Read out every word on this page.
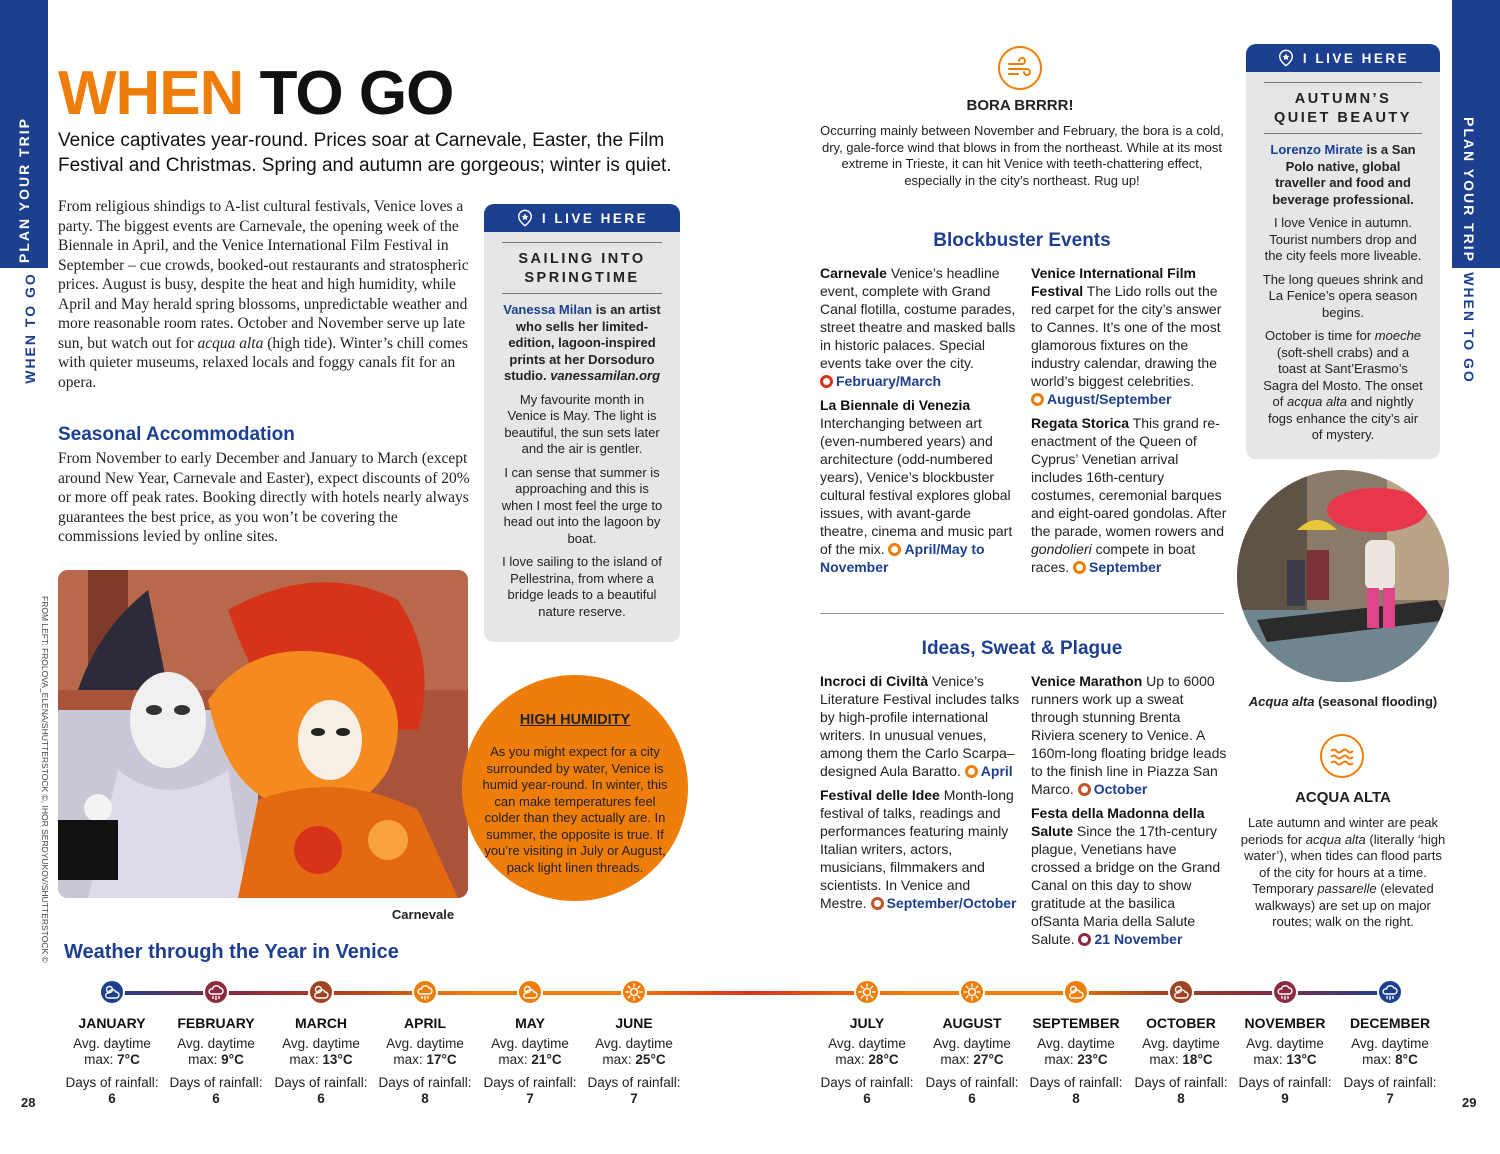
PLAN YOUR TRIP
WHEN TO GO
PLAN YOUR TRIP
WHEN TO GO
WHEN TO GO
Venice captivates year-round. Prices soar at Carnevale, Easter, the Film Festival and Christmas. Spring and autumn are gorgeous; winter is quiet.
From religious shindigs to A-list cultural festivals, Venice loves a party. The biggest events are Carnevale, the opening week of the Biennale in April, and the Venice International Film Festival in September – cue crowds, booked-out restaurants and stratospheric prices. August is busy, despite the heat and high humidity, while April and May herald spring blossoms, unpredictable weather and more reasonable room rates. October and November serve up late sun, but watch out for acqua alta (high tide). Winter’s chill comes with quieter museums, relaxed locals and foggy canals fit for an opera.
Seasonal Accommodation
From November to early December and January to March (except around New Year, Carnevale and Easter), expect discounts of 20% or more off peak rates. Booking directly with hotels nearly always guarantees the best price, as you won’t be covering the commissions levied by online sites.
I LIVE HERE
SAILING INTO SPRINGTIME
Vanessa Milan is an artist who sells her limited-edition, lagoon-inspired prints at her Dorsoduro studio. vanessamilan.org
My favourite month in Venice is May. The light is beautiful, the sun sets later and the air is gentler.
I can sense that summer is approaching and this is when I most feel the urge to head out into the lagoon by boat.
I love sailing to the island of Pellestrina, from where a bridge leads to a beautiful nature reserve.
Carnevale
FROM LEFT: FROLOVA_ELENA/SHUTTERSTOCK ©, IHOR SERDYUKOV/SHUTTERSTOCK ©	HIGH HUMIDITY
As you might expect for a city surrounded by water, Venice is humid year-round. In winter, this can make temperatures feel colder than they actually are. In summer, the opposite is true. If you’re visiting in July or August, pack light linen threads.
BORA BRRRR!
Occurring mainly between November and February, the bora is a cold, dry, gale-force wind that blows in from the northeast. While at its most extreme in Trieste, it can hit Venice with teeth-chattering effect, especially in the city’s northeast. Rug up!
Blockbuster Events

Carnevale Venice’s headline event, complete with Grand Canal flotilla, costume parades, street theatre and masked balls in historic palaces. Special events take over the city. February/March

La Biennale di Venezia Interchanging between art (even-numbered years) and architecture (odd-numbered years), Venice’s blockbuster cultural festival explores global issues, with avant-garde theatre, cinema and music part of the mix. April/May to November

Venice International Film Festival The Lido rolls out the red carpet for the city’s answer to Cannes. It’s one of the most glamorous fixtures on the industry calendar, drawing the world’s biggest celebrities. August/September

Regata Storica This grand re-enactment of the Queen of Cyprus’ Venetian arrival includes 16th-century costumes, ceremonial barques and eight-oared gondolas. After the parade, women rowers and gondolieri compete in boat races. September

Ideas, Sweat & Plague

Incroci di Civiltà Venice’s Literature Festival includes talks by high-profile international writers. In unusual venues, among them the Carlo Scarpa–designed Aula Baratto. April

Festival delle Idee Month-long festival of talks, readings and performances featuring mainly Italian writers, actors, musicians, filmmakers and scientists. In Venice and Mestre. September/October

Venice Marathon Up to 6000 runners work up a sweat through stunning Brenta Riviera scenery to Venice. A 160m-long floating bridge leads to the finish line in Piazza San Marco. October

Festa della Madonna della Salute Since the 17th-century plague, Venetians have crossed a bridge on the Grand Canal on this day to show gratitude at the basilica ofSanta Maria della Salute Salute. 21 November

I LIVE HERE
AUTUMN’S QUIET BEAUTY
Lorenzo Mirate is a San Polo native, global traveller and food and beverage professional.
I love Venice in autumn. Tourist numbers drop and the city feels more liveable.
The long queues shrink and La Fenice’s opera season begins.
October is time for moeche (soft-shell crabs) and a toast at Sant’Erasmo’s Sagra del Mosto. The onset of acqua alta and nightly fogs enhance the city’s air of mystery.
Acqua alta (seasonal flooding)
ACQUA ALTA
Late autumn and winter are peak periods for acqua alta (literally ‘high water’), when tides can flood parts of the city for hours at a time. Temporary passarelle (elevated walkways) are set up on major routes; walk on the right.
Weather through the Year in Venice
JANUARY
Avg. daytime
max: 7°C
Days of rainfall:
6
FEBRUARY
Avg. daytime
max: 9°C
Days of rainfall:
6
MARCH
Avg. daytime
max: 13°C
Days of rainfall:
6
APRIL
Avg. daytime
max: 17°C
Days of rainfall:
8
MAY
Avg. daytime
max: 21°C
Days of rainfall:
7
JUNE
Avg. daytime
max: 25°C
Days of rainfall:
7
JULY
Avg. daytime
max: 28°C
Days of rainfall:
6
AUGUST
Avg. daytime
max: 27°C
Days of rainfall:
6
SEPTEMBER
Avg. daytime
max: 23°C
Days of rainfall:
8
OCTOBER
Avg. daytime
max: 18°C
Days of rainfall:
8
NOVEMBER
Avg. daytime
max: 13°C
Days of rainfall:
9
DECEMBER
Avg. daytime
max: 8°C
Days of rainfall:
7
28	29
